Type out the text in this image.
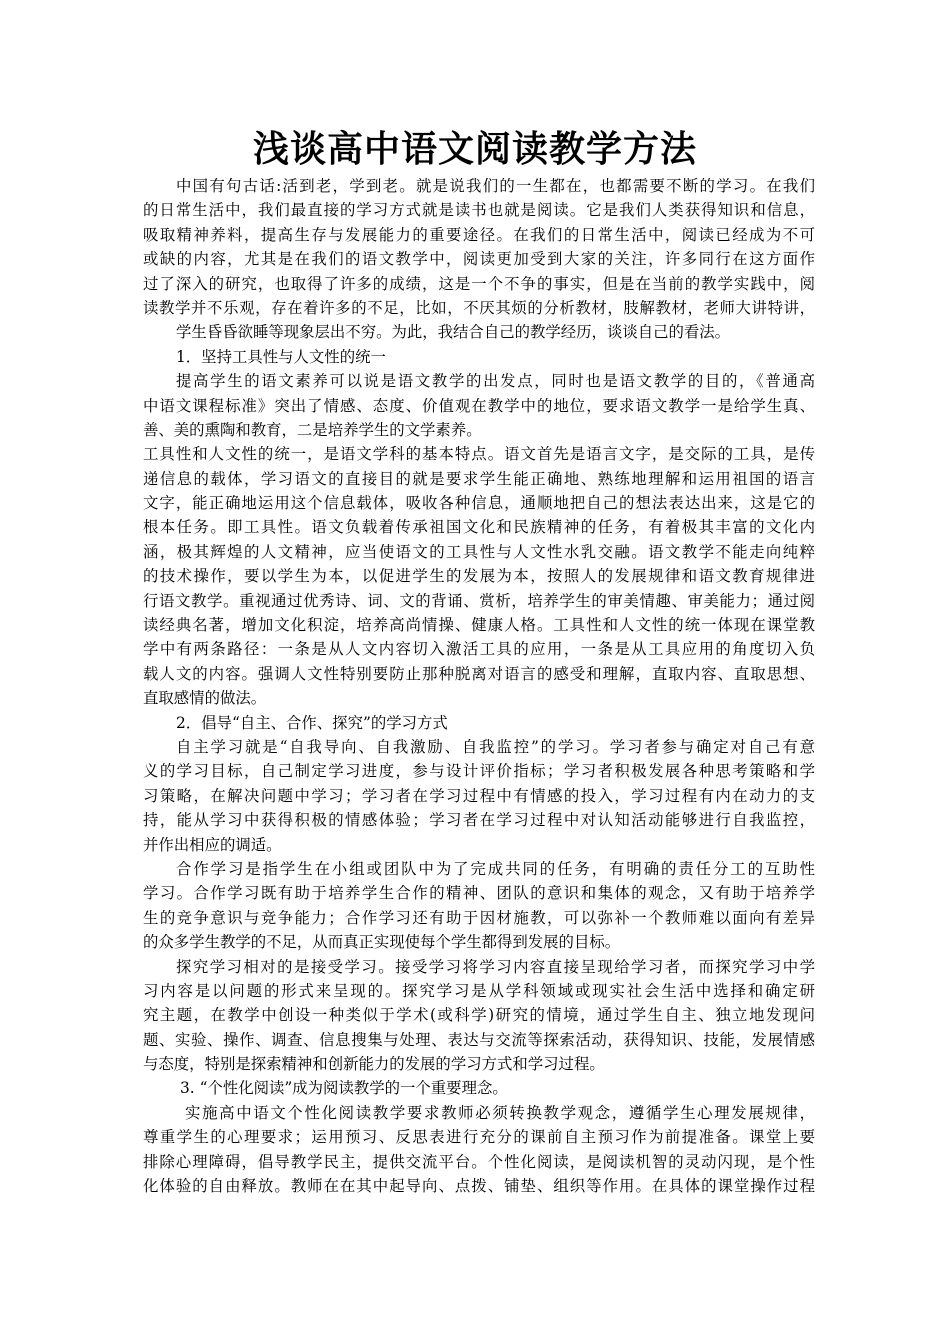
浅谈高中语文阅读教学方法
中国有句古话:活到老，学到老。就是说我们的一生都在，也都需要不断的学习。在我们
的日常生活中，我们最直接的学习方式就是读书也就是阅读。它是我们人类获得知识和信息，
吸取精神养料，提高生存与发展能力的重要途径。在我们的日常生活中，阅读已经成为不可
或缺的内容，尤其是在我们的语文教学中，阅读更加受到大家的关注，许多同行在这方面作
过了深入的研究，也取得了许多的成绩，这是一个不争的事实，但是在当前的教学实践中，阅
读教学并不乐观，存在着许多的不足，比如，不厌其烦的分析教材，肢解教材，老师大讲特讲，
学生昏昏欲睡等现象层出不穷。为此，我结合自己的教学经历，谈谈自己的看法。
1．坚持工具性与人文性的统一
提高学生的语文素养可以说是语文教学的出发点，同时也是语文教学的目的，《普通高
中语文课程标准》突出了情感、态度、价值观在教学中的地位，要求语文教学一是给学生真、
善、美的熏陶和教育，二是培养学生的文学素养。
工具性和人文性的统一，是语文学科的基本特点。语文首先是语言文字，是交际的工具，是传
递信息的载体，学习语文的直接目的就是要求学生能正确地、熟练地理解和运用祖国的语言
文字，能正确地运用这个信息载体，吸收各种信息，通顺地把自己的想法表达出来，这是它的
根本任务。即工具性。语文负载着传承祖国文化和民族精神的任务，有着极其丰富的文化内
涵，极其辉煌的人文精神，应当使语文的工具性与人文性水乳交融。语文教学不能走向纯粹
的技术操作，要以学生为本，以促进学生的发展为本，按照人的发展规律和语文教育规律进
行语文教学。重视通过优秀诗、词、文的背诵、赏析，培养学生的审美情趣、审美能力；通过阅
读经典名著，增加文化积淀，培养高尚情操、健康人格。工具性和人文性的统一体现在课堂教
学中有两条路径：一条是从人文内容切入激活工具的应用，一条是从工具应用的角度切入负
载人文的内容。强调人文性特别要防止那种脱离对语言的感受和理解，直取内容、直取思想、
直取感情的做法。
2．倡导“自主、合作、探究”的学习方式
自主学习就是“自我导向、自我激励、自我监控”的学习。学习者参与确定对自己有意
义的学习目标，自己制定学习进度，参与设计评价指标；学习者积极发展各种思考策略和学
习策略，在解决问题中学习；学习者在学习过程中有情感的投入，学习过程有内在动力的支
持，能从学习中获得积极的情感体验；学习者在学习过程中对认知活动能够进行自我监控，
并作出相应的调适。
合作学习是指学生在小组或团队中为了完成共同的任务，有明确的责任分工的互助性
学习。合作学习既有助于培养学生合作的精神、团队的意识和集体的观念，又有助于培养学
生的竞争意识与竞争能力；合作学习还有助于因材施教，可以弥补一个教师难以面向有差异
的众多学生教学的不足，从而真正实现使每个学生都得到发展的目标。
探究学习相对的是接受学习。接受学习将学习内容直接呈现给学习者，而探究学习中学
习内容是以问题的形式来呈现的。探究学习是从学科领域或现实社会生活中选择和确定研
究主题，在教学中创设一种类似于学术(或科学)研究的情境，通过学生自主、独立地发现问
题、实验、操作、调查、信息搜集与处理、表达与交流等探索活动，获得知识、技能，发展情感
与态度，特别是探索精神和创新能力的发展的学习方式和学习过程。
3. “个性化阅读”成为阅读教学的一个重要理念。
实施高中语文个性化阅读教学要求教师必须转换教学观念，遵循学生心理发展规律，
尊重学生的心理要求；运用预习、反思表进行充分的课前自主预习作为前提准备。课堂上要
排除心理障碍，倡导教学民主，提供交流平台。个性化阅读，是阅读机智的灵动闪现，是个性
化体验的自由释放。教师在在其中起导向、点拨、铺垫、组织等作用。在具体的课堂操作过程
